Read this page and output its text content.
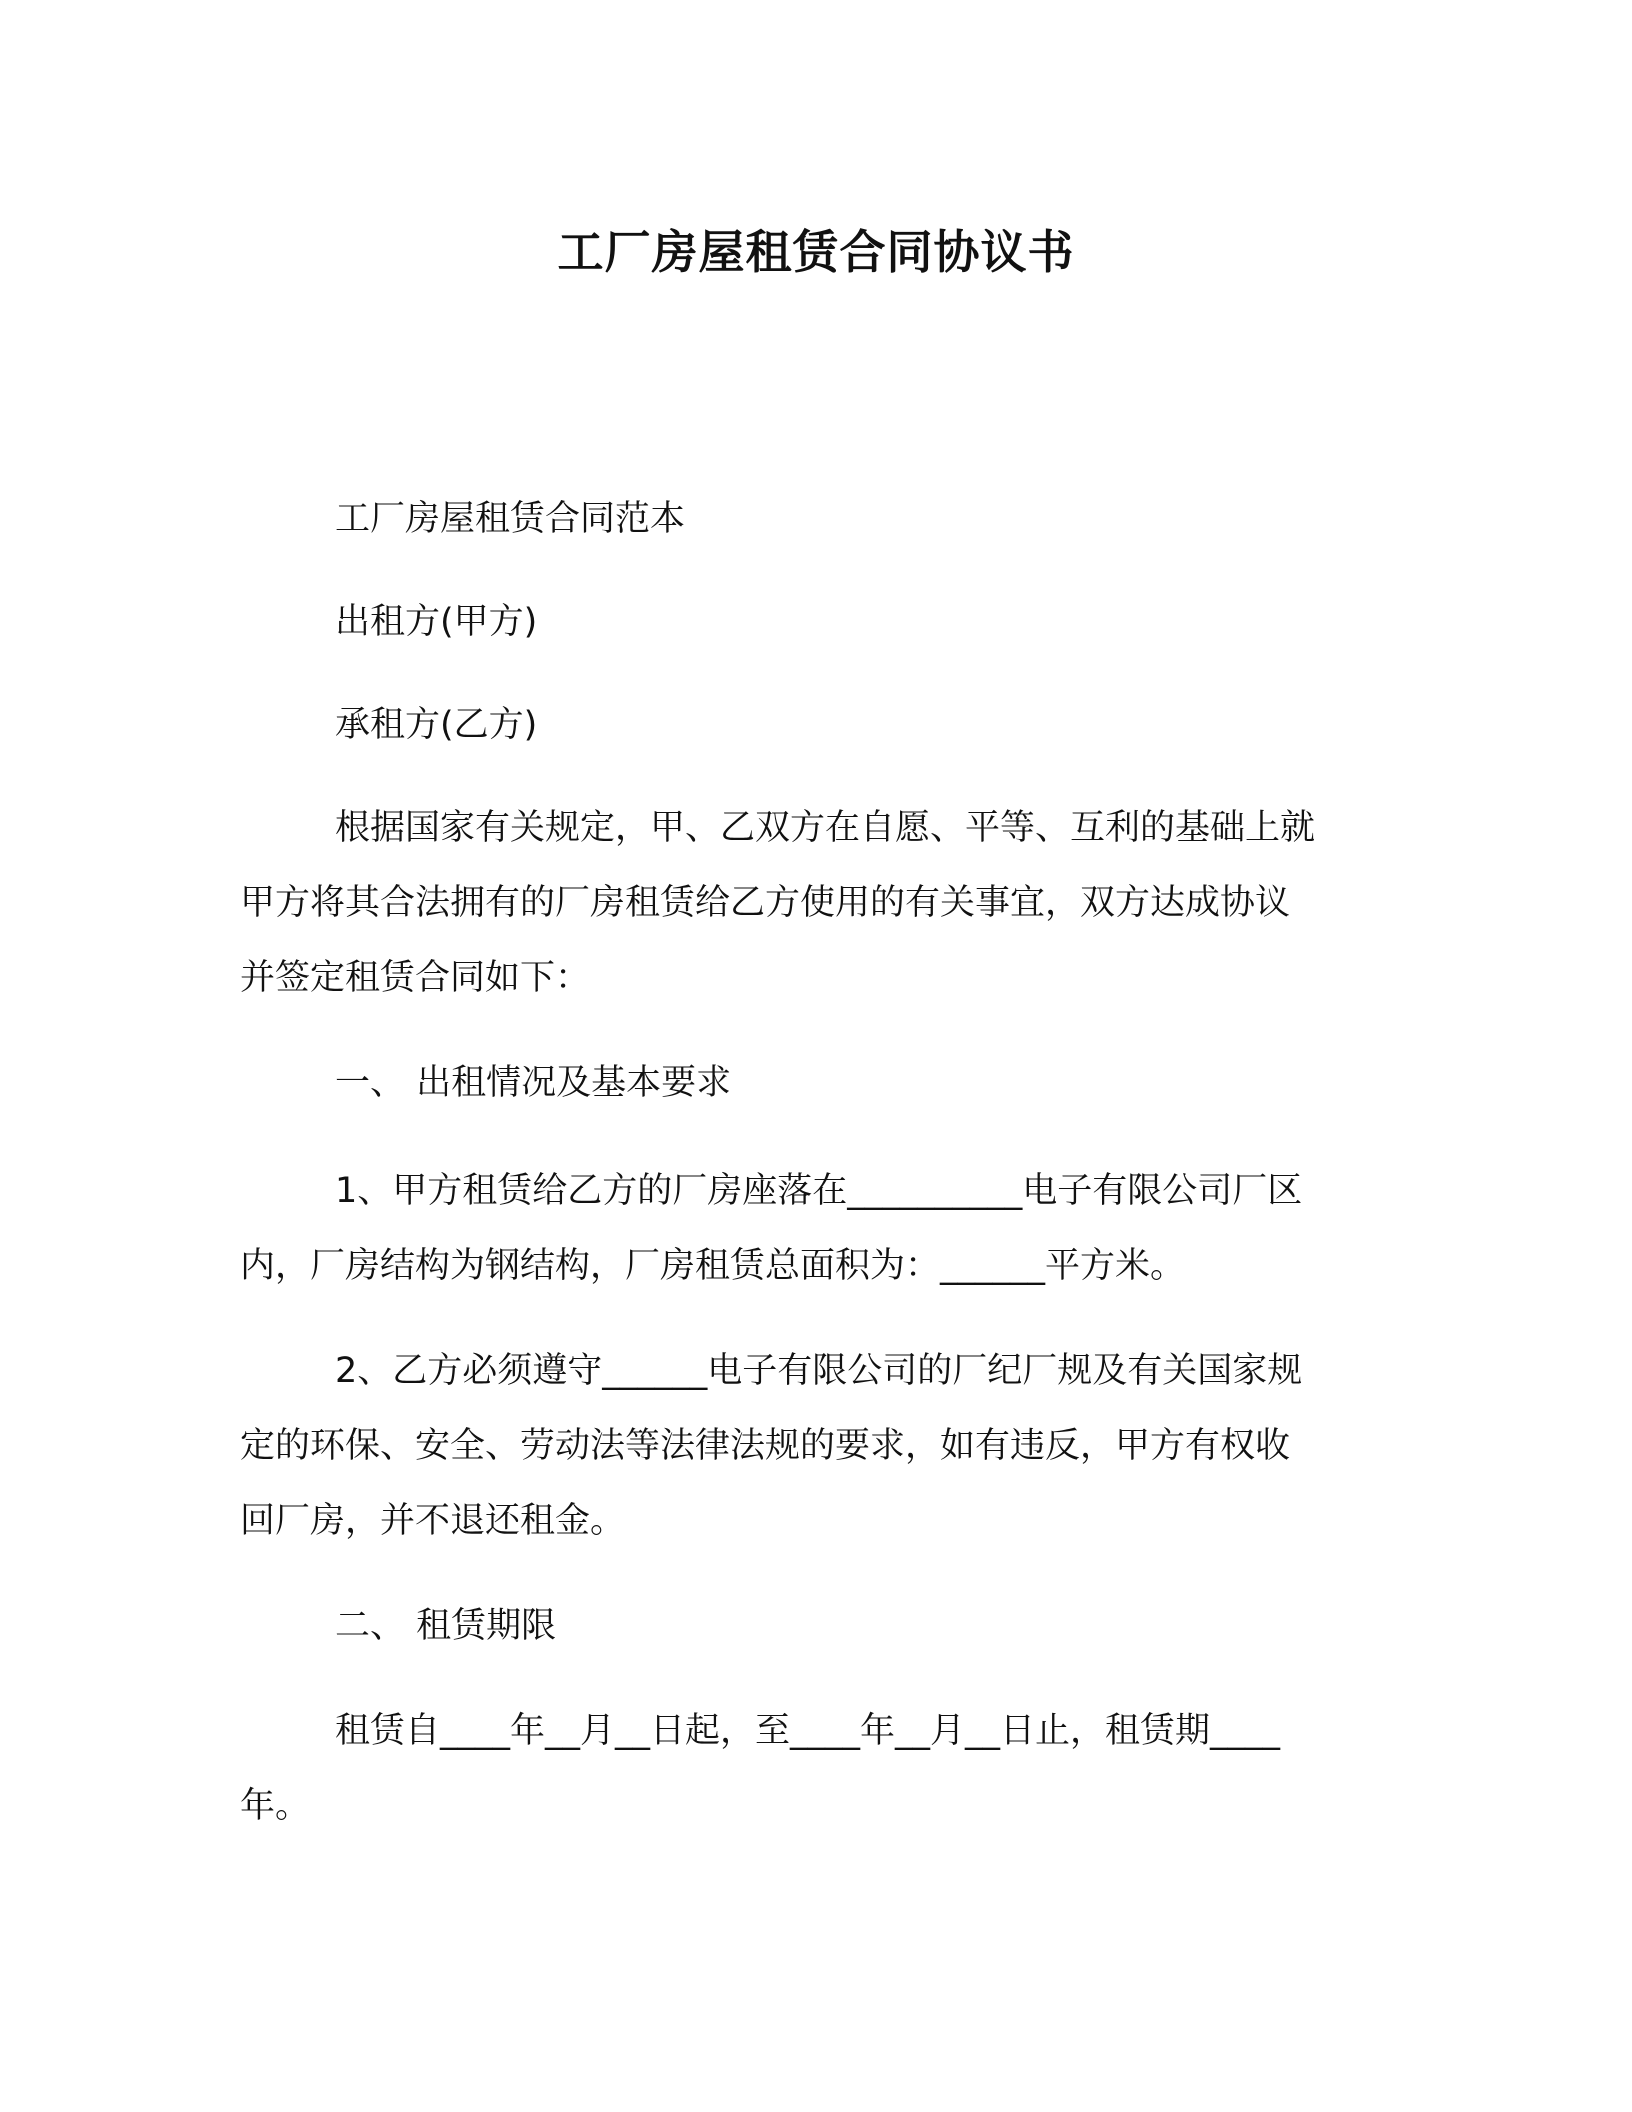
工厂房屋租赁合同协议书
工厂房屋租赁合同范本
出租方(甲方)
承租方(乙方)
根据国家有关规定，甲、乙双方在自愿、平等、互利的基础上就
甲方将其合法拥有的厂房租赁给乙方使用的有关事宜，双方达成协议
并签定租赁合同如下：
一、 出租情况及基本要求
1、甲方租赁给乙方的厂房座落在__________电子有限公司厂区
内，厂房结构为钢结构，厂房租赁总面积为：______平方米。
2、乙方必须遵守______电子有限公司的厂纪厂规及有关国家规
定的环保、安全、劳动法等法律法规的要求，如有违反，甲方有权收
回厂房，并不退还租金。
二、 租赁期限
租赁自____年__月__日起，至____年__月__日止，租赁期____
年。
